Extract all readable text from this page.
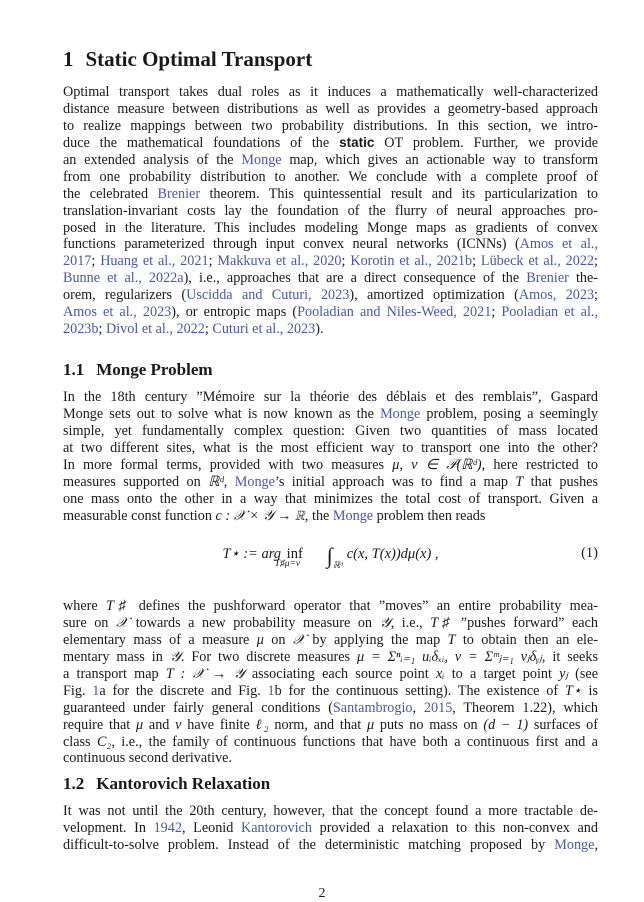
1 Static Optimal Transport
Optimal transport takes dual roles as it induces a mathematically well-characterized
distance measure between distributions as well as provides a geometry-based approach
to realize mappings between two probability distributions. In this section, we intro-
duce the mathematical foundations of the static OT problem. Further, we provide
an extended analysis of the Monge map, which gives an actionable way to transform
from one probability distribution to another. We conclude with a complete proof of
the celebrated Brenier theorem. This quintessential result and its particularization to
translation-invariant costs lay the foundation of the flurry of neural approaches pro-
posed in the literature. This includes modeling Monge maps as gradients of convex
functions parameterized through input convex neural networks (ICNNs) (Amos et al.,
2017; Huang et al., 2021; Makkuva et al., 2020; Korotin et al., 2021b; Lübeck et al., 2022;
Bunne et al., 2022a), i.e., approaches that are a direct consequence of the Brenier the-
orem, regularizers (Uscidda and Cuturi, 2023), amortized optimization (Amos, 2023;
Amos et al., 2023), or entropic maps (Pooladian and Niles-Weed, 2021; Pooladian et al.,
2023b; Divol et al., 2022; Cuturi et al., 2023).
1.1 Monge Problem
In the 18th century ”Mémoire sur la théorie des déblais et des remblais”, Gaspard
Monge sets out to solve what is now known as the Monge problem, posing a seemingly
simple, yet fundamentally complex question: Given two quantities of mass located
at two different sites, what is the most efficient way to transport one into the other?
In more formal terms, provided with two measures μ, ν ∈ 𝒫(ℝᵈ), here restricted to
measures supported on ℝᵈ, Monge’s initial approach was to find a map T that pushes
one mass onto the other in a way that minimizes the total cost of transport. Given a
measurable const function c : 𝒳 × 𝒴 → ℝ, the Monge problem then reads
T⋆ := arg inf
T♯μ=ν $\int_{ℝᵈ}c(x$, T(x))dμ(x) ,	(1)
where T♯ defines the pushforward operator that ”moves” an entire probability mea-
sure on 𝒳 towards a new probability measure on 𝒴, i.e., T♯ ”pushes forward” each
elementary mass of a measure μ on 𝒳 by applying the map T to obtain then an ele-
mentary mass in 𝒴. For two discrete measures μ = Σⁿᵢ₌₁ uᵢδₓᵢ, ν = Σᵐⱼ₌₁ vⱼδᵧⱼ, it seeks
a transport map T : 𝒳 → 𝒴 associating each source point xᵢ to a target point yⱼ (see
Fig. 1a for the discrete and Fig. 1b for the continuous setting). The existence of T⋆ is
guaranteed under fairly general conditions (Santambrogio, 2015, Theorem 1.22), which
require that μ and ν have finite ℓ₂ norm, and that μ puts no mass on (d − 1) surfaces of
class C₂, i.e., the family of continuous functions that have both a continuous first and a
continuous second derivative.
1.2 Kantorovich Relaxation
It was not until the 20th century, however, that the concept found a more tractable de-
velopment. In 1942, Leonid Kantorovich provided a relaxation to this non-convex and
difficult-to-solve problem. Instead of the deterministic matching proposed by Monge,
2
